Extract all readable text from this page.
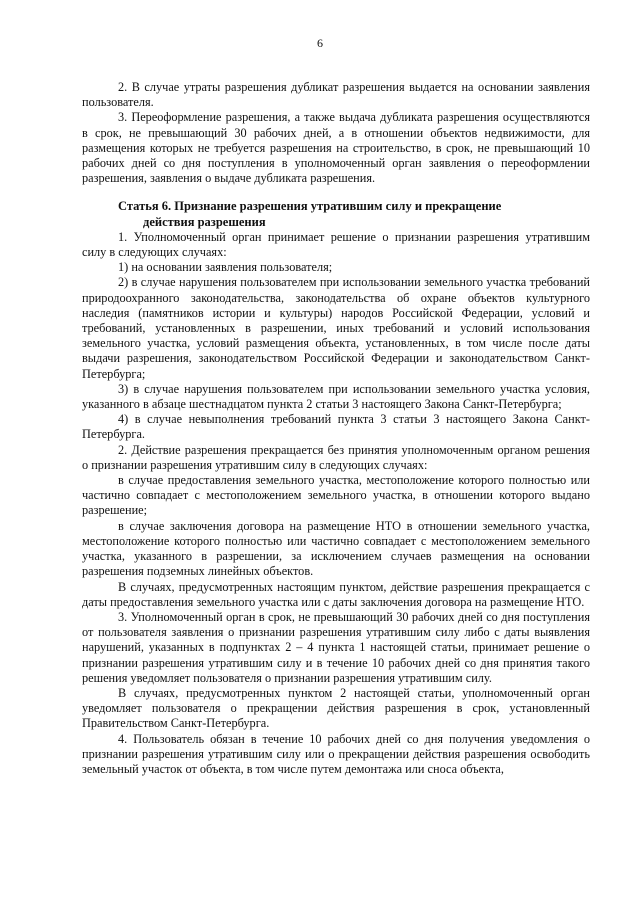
6

2. В случае утраты разрешения дубликат разрешения выдается на основании заявления пользователя.

3. Переоформление разрешения, а также выдача дубликата разрешения осуществляются в срок, не превышающий 30 рабочих дней, а в отношении объектов недвижимости, для размещения которых не требуется разрешения на строительство, в срок, не превышающий 10 рабочих дней со дня поступления в уполномоченный орган заявления о переоформлении разрешения, заявления о выдаче дубликата разрешения.

Статья 6. Признание разрешения утратившим силу и прекращение
действия разрешения

1. Уполномоченный орган принимает решение о признании разрешения утратившим силу в следующих случаях:

1) на основании заявления пользователя;

2) в случае нарушения пользователем при использовании земельного участка требований природоохранного законодательства, законодательства об охране объектов культурного наследия (памятников истории и культуры) народов Российской Федерации, условий и требований, установленных в разрешении, иных требований и условий использования земельного участка, условий размещения объекта, установленных, в том числе после даты выдачи разрешения, законодательством Российской Федерации и законодательством Санкт-Петербурга;

3) в случае нарушения пользователем при использовании земельного участка условия, указанного в абзаце шестнадцатом пункта 2 статьи 3 настоящего Закона Санкт-Петербурга;

4) в случае невыполнения требований пункта 3 статьи 3 настоящего Закона Санкт-Петербурга.

2. Действие разрешения прекращается без принятия уполномоченным органом решения о признании разрешения утратившим силу в следующих случаях:

в случае предоставления земельного участка, местоположение которого полностью или частично совпадает с местоположением земельного участка, в отношении которого выдано разрешение;

в случае заключения договора на размещение НТО в отношении земельного участка, местоположение которого полностью или частично совпадает с местоположением земельного участка, указанного в разрешении, за исключением случаев размещения на основании разрешения подземных линейных объектов.

В случаях, предусмотренных настоящим пунктом, действие разрешения прекращается с даты предоставления земельного участка или с даты заключения договора на размещение НТО.

3. Уполномоченный орган в срок, не превышающий 30 рабочих дней со дня поступления от пользователя заявления о признании разрешения утратившим силу либо с даты выявления нарушений, указанных в подпунктах 2 – 4 пункта 1 настоящей статьи, принимает решение о признании разрешения утратившим силу и в течение 10 рабочих дней со дня принятия такого решения уведомляет пользователя о признании разрешения утратившим силу.

В случаях, предусмотренных пунктом 2 настоящей статьи, уполномоченный орган уведомляет пользователя о прекращении действия разрешения в срок, установленный Правительством Санкт-Петербурга.

4. Пользователь обязан в течение 10 рабочих дней со дня получения уведомления о признании разрешения утратившим силу или о прекращении действия разрешения освободить земельный участок от объекта, в том числе путем демонтажа или сноса объекта,
